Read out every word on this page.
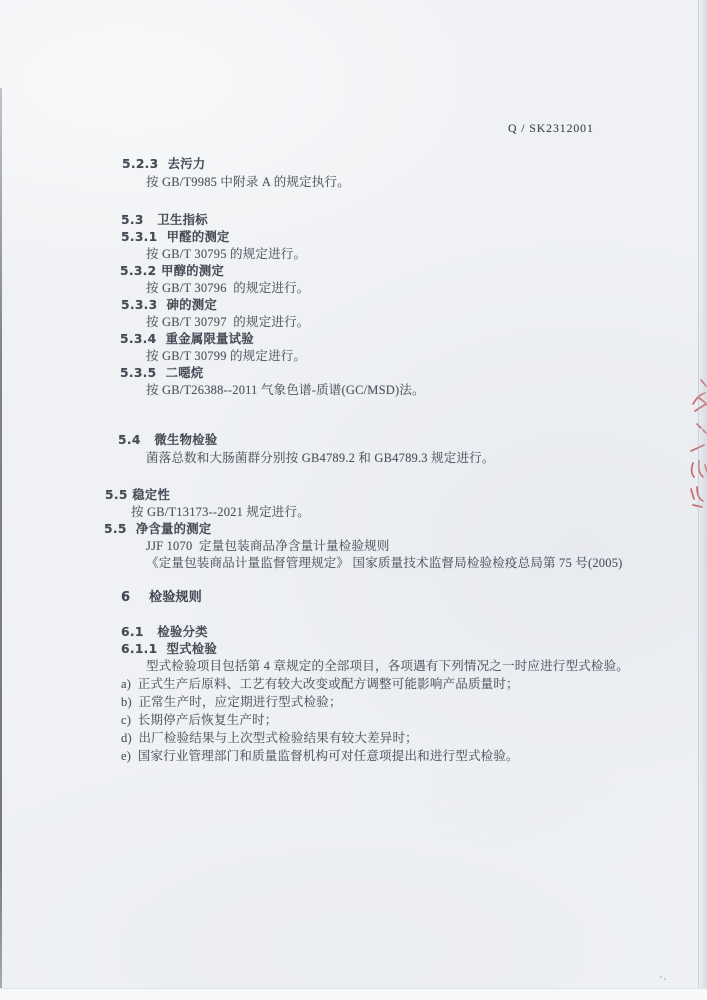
Q / SK2312001
5.2.3  去污力
按 GB/T9985 中附录 A 的规定执行。
5.3   卫生指标
5.3.1  甲醛的测定
按 GB/T 30795 的规定进行。
5.3.2 甲醇的测定
按 GB/T 30796  的规定进行。
5.3.3  砷的测定
按 GB/T 30797  的规定进行。
5.3.4  重金属限量试验
按 GB/T 30799 的规定进行。
5.3.5  二噁烷
按 GB/T26388--2011 气象色谱-质谱(GC/MSD)法。
5.4   微生物检验
菌落总数和大肠菌群分别按 GB4789.2 和 GB4789.3 规定进行。
5.5 稳定性
按 GB/T13173--2021 规定进行。
5.5  净含量的测定
JJF 1070  定量包装商品净含量计量检验规则
《定量包装商品计量监督管理规定》 国家质量技术监督局检验检疫总局第 75 号(2005)
6    检验规则
6.1   检验分类
6.1.1  型式检验
型式检验项目包括第 4 章规定的全部项目，各项遇有下列情况之一时应进行型式检验。
a)  正式生产后原料、工艺有较大改变或配方调整可能影响产品质量时；
b)  正常生产时，应定期进行型式检验；
c)  长期停产后恢复生产时；
d)  出厂检验结果与上次型式检验结果有较大差异时；
e)  国家行业管理部门和质量监督机构可对任意项提出和进行型式检验。
